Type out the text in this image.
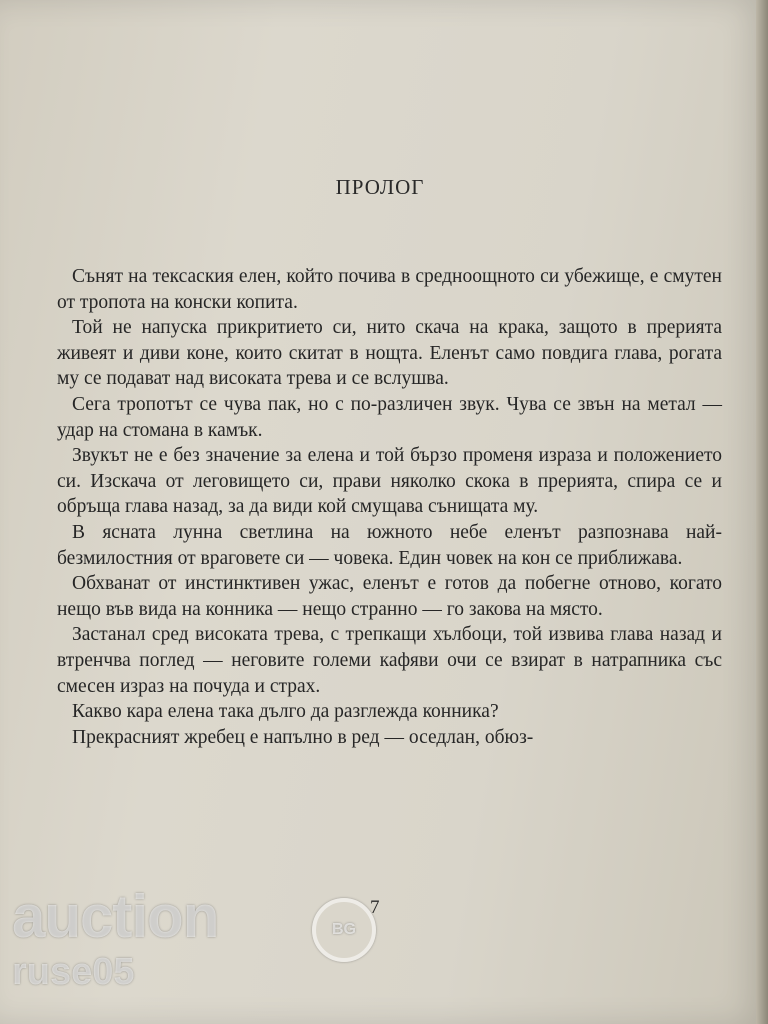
ПРОЛОГ

Сънят на тексаския елен, който почива в средноощното си убежище, е смутен от тропота на конски копита.

Той не напуска прикритието си, нито скача на крака, защото в прерията живеят и диви коне, които скитат в нощта. Еленът само повдига глава, рогата му се подават над високата трева и се вслушва.

Сега тропотът се чува пак, но с по-различен звук. Чува се звън на метал — удар на стомана в камък.

Звукът не е без значение за елена и той бързо променя израза и положението си. Изскача от леговището си, прави няколко скока в прерията, спира се и обръща глава назад, за да види кой смущава сънищата му.

В ясната лунна светлина на южното небе еленът разпознава най-безмилостния от враговете си — човека. Един човек на кон се приближава.

Обхванат от инстинктивен ужас, еленът е готов да побегне отново, когато нещо във вида на конника — нещо странно — го закова на място.

Застанал сред високата трева, с трепкащи хълбоци, той извива глава назад и втренчва поглед — неговите големи кафяви очи се взират в натрапника със смесен израз на почуда и страх.

Какво кара елена така дълго да разглежда конника?

Прекрасният жребец е напълно в ред — оседлан, обюз-

7
auction	BG
ruse05
